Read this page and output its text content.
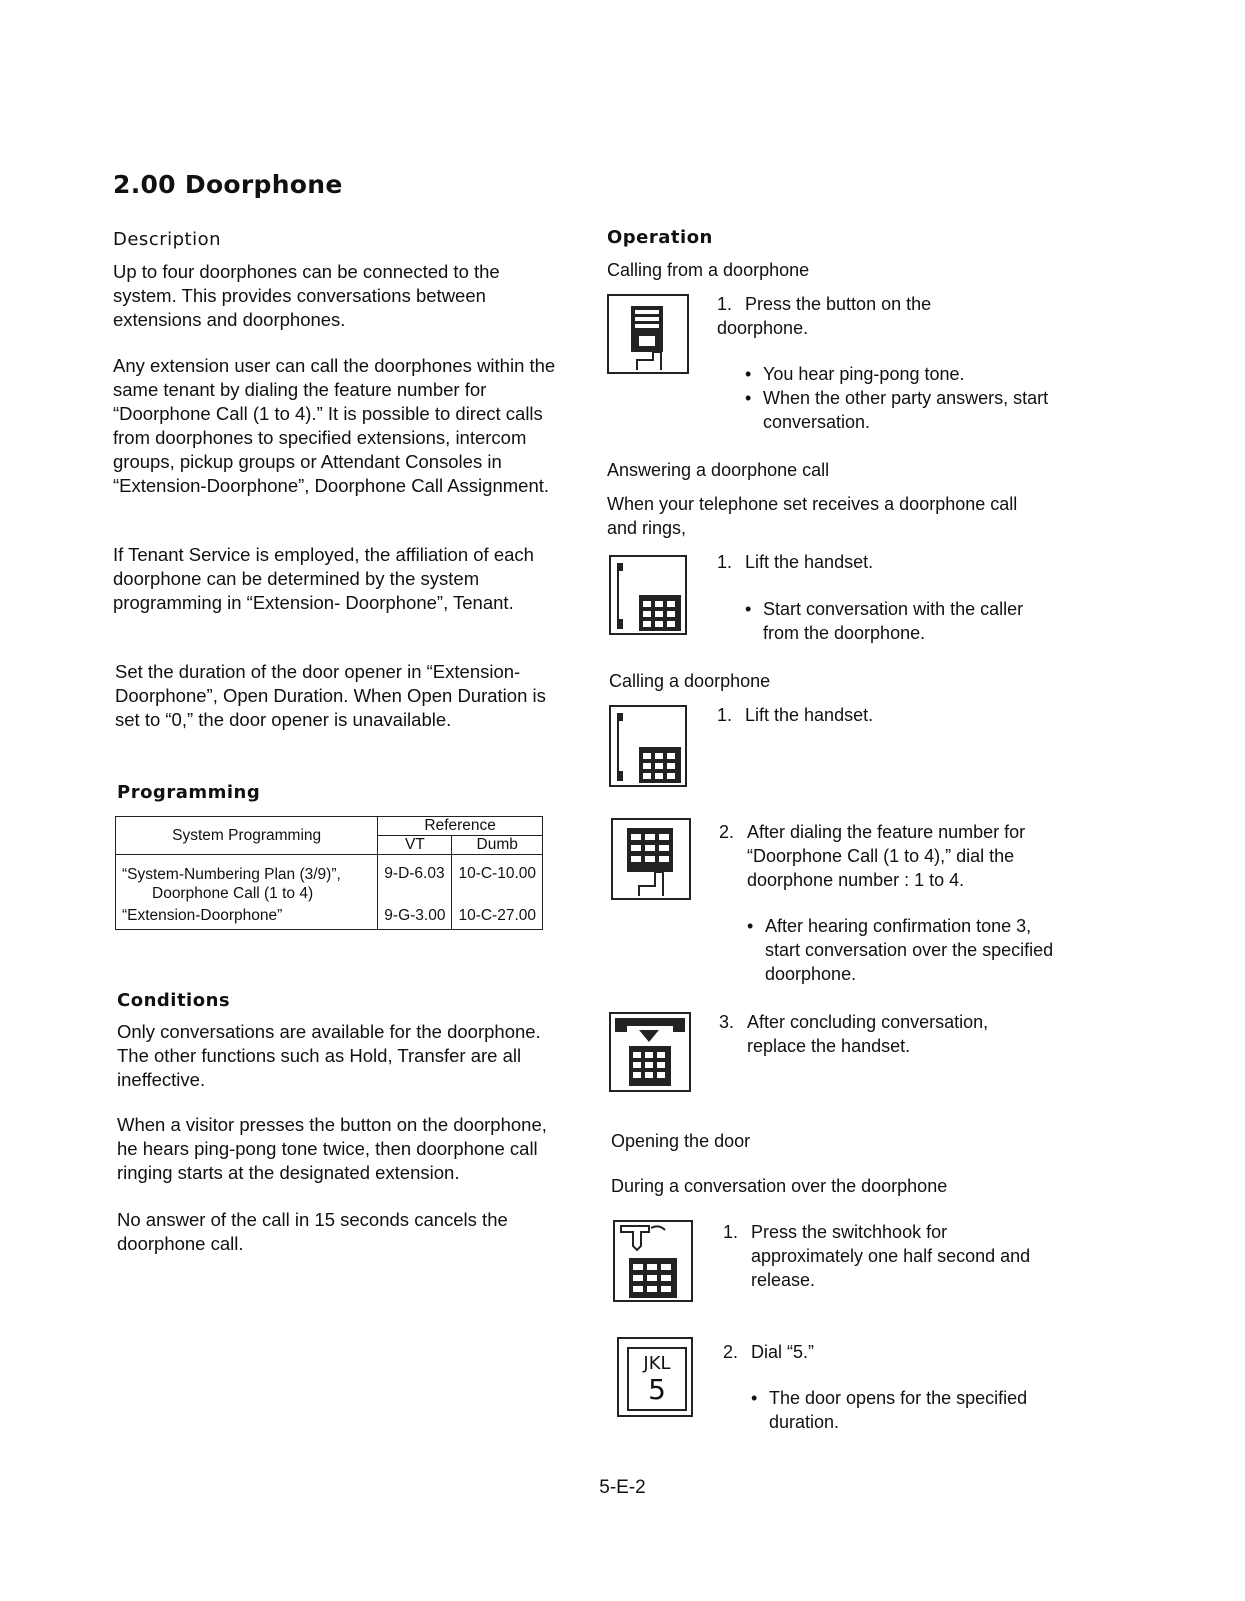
2.00 Doorphone
Description
Up to four doorphones can be connected to the system. This provides conversations between extensions and doorphones.
Any extension user can call the doorphones within the same tenant by dialing the feature number for “Doorphone Call (1 to 4).” It is possible to direct calls from doorphones to specified extensions, intercom groups, pickup groups or Attendant Consoles in “Extension-Doorphone”, Doorphone Call Assignment.
If Tenant Service is employed, the affiliation of each doorphone can be determined by the system programming in “Extension- Doorphone”, Tenant.
Set the duration of the door opener in “Extension-Doorphone”, Open Duration. When Open Duration is set to “0,” the door opener is unavailable.
Programming
System Programming	Reference	
	VT	Dumb

“System-Numbering Plan (3/9)”,
Doorphone Call (1 to 4)	9-D-6.03	10-C-10.00
“Extension-Doorphone”	9-G-3.00	10-C-27.00
Conditions
Only conversations are available for the doorphone. The other functions such as Hold, Transfer are all ineffective.
When a visitor presses the button on the doorphone, he hears ping-pong tone twice, then doorphone call ringing starts at the designated extension.
No answer of the call in 15 seconds cancels the doorphone call.
Operation
Calling from a doorphone
1. Press the button on the doorphone.
• You hear ping-pong tone.
• When the other party answers, start conversation.
Answering a doorphone call
When your telephone set receives a doorphone call and rings,
1. Lift the handset.
• Start conversation with the caller from the doorphone.
Calling a doorphone
1. Lift the handset.
2. After dialing the feature number for “Doorphone Call (1 to 4),” dial the doorphone number : 1 to 4.
• After hearing confirmation tone 3, start conversation over the specified doorphone.
3. After concluding conversation, replace the handset.
Opening the door
During a conversation over the doorphone
1. Press the switchhook for approximately one half second and release.
JKL
5
2. Dial “5.”
• The door opens for the specified duration.
5-E-2
